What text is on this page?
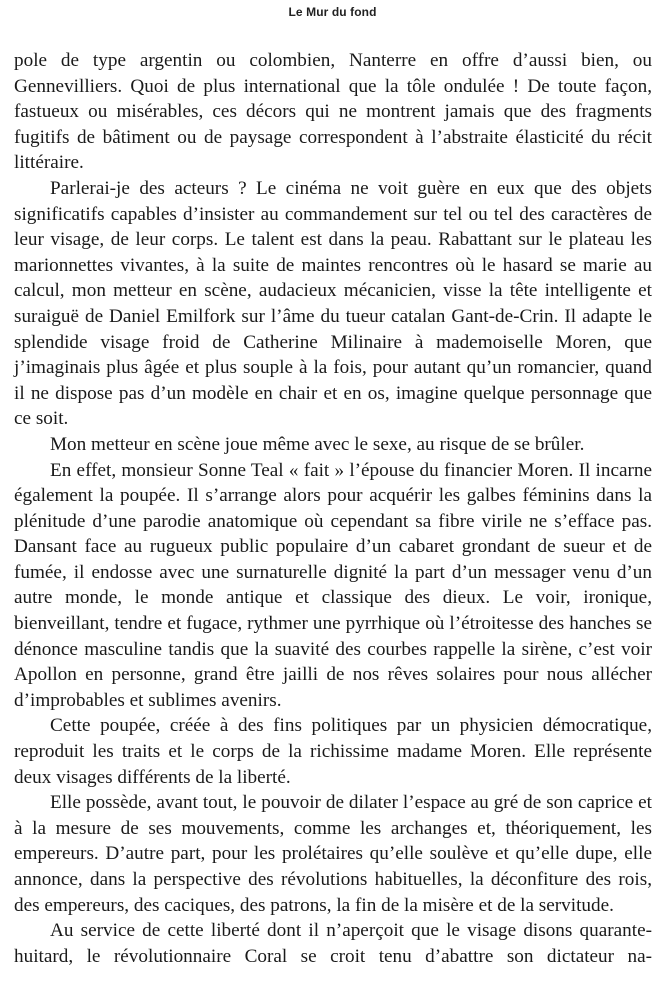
Le Mur du fond

pole de type argentin ou colombien, Nanterre en offre d’aussi bien, ou Gennevilliers. Quoi de plus international que la tôle ondulée ! De toute façon, fastueux ou misérables, ces décors qui ne montrent jamais que des fragments fugitifs de bâtiment ou de paysage correspondent à l’abstraite élasticité du récit littéraire.

Parlerai-je des acteurs ? Le cinéma ne voit guère en eux que des objets significatifs capables d’insister au commandement sur tel ou tel des caractères de leur visage, de leur corps. Le talent est dans la peau. Rabattant sur le plateau les marionnettes vivantes, à la suite de maintes rencontres où le hasard se marie au calcul, mon metteur en scène, audacieux mécanicien, visse la tête intelligente et suraiguë de Daniel Emilfork sur l’âme du tueur catalan Gant-de-Crin. Il adapte le splendide visage froid de Catherine Milinaire à mademoiselle Moren, que j’imaginais plus âgée et plus souple à la fois, pour autant qu’un romancier, quand il ne dispose pas d’un modèle en chair et en os, imagine quelque personnage que ce soit.

Mon metteur en scène joue même avec le sexe, au risque de se brûler.

En effet, monsieur Sonne Teal « fait » l’épouse du financier Moren. Il incarne également la poupée. Il s’arrange alors pour acquérir les galbes féminins dans la plénitude d’une parodie anatomique où cependant sa fibre virile ne s’efface pas. Dansant face au rugueux public populaire d’un cabaret grondant de sueur et de fumée, il endosse avec une surnaturelle dignité la part d’un messager venu d’un autre monde, le monde antique et classique des dieux. Le voir, ironique, bienveillant, tendre et fugace, rythmer une pyrrhique où l’étroitesse des hanches se dénonce masculine tandis que la suavité des courbes rappelle la sirène, c’est voir Apollon en personne, grand être jailli de nos rêves solaires pour nous allécher d’improbables et sublimes avenirs.

Cette poupée, créée à des fins politiques par un physicien démocratique, reproduit les traits et le corps de la richissime madame Moren. Elle représente deux visages différents de la liberté.

Elle possède, avant tout, le pouvoir de dilater l’espace au gré de son caprice et à la mesure de ses mouvements, comme les archanges et, théoriquement, les empereurs. D’autre part, pour les prolétaires qu’elle soulève et qu’elle dupe, elle annonce, dans la perspective des révolutions habituelles, la déconfiture des rois, des empereurs, des caciques, des patrons, la fin de la misère et de la servitude.

Au service de cette liberté dont il n’aperçoit que le visage disons quarante-huitard, le révolutionnaire Coral se croit tenu d’abattre son dictateur na-
